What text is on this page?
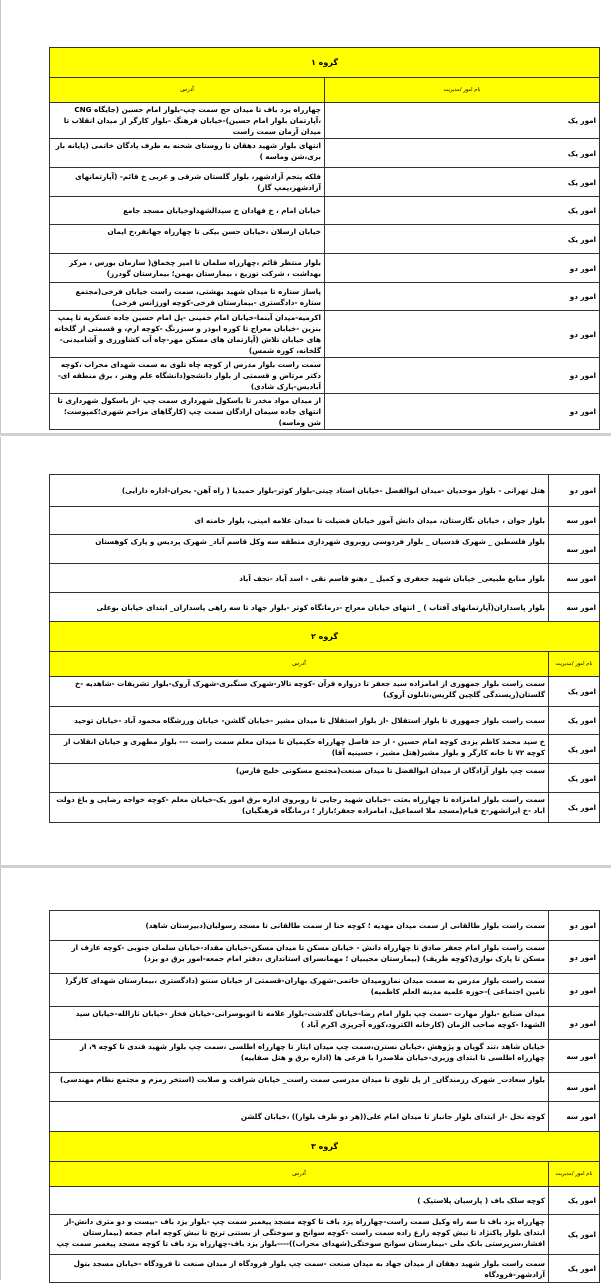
گروه ۱	
نام امور /مدیریت	آدرس
امور یک	چهارراه یزد باف تا میدان حج سمت چپ-بلوار امام حسین (جایگاه CNG ،آپارتمان بلوار امام حسین)-خیابان فرهنگ -بلوار کارگر از میدان انقلاب تا میدان آرمان سمت راست
امور یک	انتهای بلوار شهید دهقان تا روستای شحنه به طرف پادگان خاتمی (پایانه بار بری،شن وماسه )
امور یک	فلکه پنجم آزادشهر، بلوار گلستان شرقی و غربی خ قائم- (آپارتمانهای آزادشهر،پمپ گاز)
امور یک	خیابان امام ، خ فهادان خ سیدالشهداوخیابان مسجد جامع
امور یک	خیابان ارسلان ،خیابان حسن بیکی تا چهارراه جهانفر،خ ایمان
امور دو	بلوار منتظر قائم ،چهارراه سلمان تا امیر چخماق( سازمان بورس ، مرکز بهداشت ، شرکت توزیع ، بیمارستان بهمن؛ بیمارستان گودرز)
امور دو	پاساژ ستاره تا میدان شهید بهشتی، سمت راست خیابان فرخی(مجتمع ستاره -دادگستری -بیمارستان فرخی-کوچه اورژانس فرخی)
امور دو	اکرمیه-میدان آبنما-خیابان امام خمینی -پل امام حسین جاده عسکریه تا پمپ بنزین -خیابان معراج تا کوره ابوذر و سبزرنگ -کوچه ارم، و قسمتی از گلخانه های خیابان تلاش (آپارتمان های مسکن مهر-چاه آب کشاورزی و آشامیدنی-گلخانه، کوره شمس)
امور دو	سمت راست بلوار مدرس از کوچه چاه تلوی به سمت شهدای محراب ،کوچه دکتر مرتاض و قسمتی از بلوار دانشجو(دانشگاه علم وهنر ، برق منطقه ای-آبادیس-پارک شادی)
امور دو	از میدان مواد مخدر تا باسکول شهرداری سمت چپ -از باسکول شهرداری تا انتهای جاده سیمان ازادگان سمت چپ (کارگاهای مزاحم شهری؛کمپوست؛شن وماسه)
امور دو	هتل تهرانی - بلوار موحدیان -میدان ابوالفضل -خیابان استاد چیتی-بلوار کوثر-بلوار حمیدیا ( راه آهن- بحران-اداره دارایی)
امور سه	بلوار جوان ، خیابان نگارستان، میدان دانش آموز خیابان فضیلت تا میدان علامه امینی، بلوار خامنه ای
امور سه	بلوار فلسطین _ شهرک قدسیان _ بلوار فردوسی روبروی شهرداری منطقه سه وکل قاسم آباد_ شهرک پردیس و پارک کوهستان
امور سه	بلوار منابع طبیعی_ خیابان شهید جعفری و کمیل _ دهنو قاسم نقی - اسد آباد -نجف آباد
امور سه	بلوار پاسداران(آپارتمانهای آفتاب ) _ انتهای خیابان معراج -درمانگاه کوثر -بلوار جهاد تا سه راهی پاسداران_ ابتدای خیابان بوعلی
گروه ۲	
نام امور /مدیریت	آدرس
امور یک	سمت راست بلوار جمهوری از امامزاده سید جعفر تا دروازه قرآن -کوچه تالار-شهرک سنگبری-شهرک آروک-بلوار تشریفات -شاهدیه -خ گلستان(ریسندگی گلچین گلریس،تابلون آروک)
امور یک	سمت راست بلوار جمهوری تا بلوار استقلال -از بلوار استقلال تا میدان مشیر -خیابان گلشن- خیابان ورزشگاه محمود آباد -خیابان توحید
امور یک	خ سید محمد کاظم یزدی کوچه امام حسین - از حد فاصل چهارراه حکیمیان تا میدان معلم سمت راست --- بلوار مطهری و خیابان انقلاب از کوچه ۷۲ تا خانه کارگر و بلوار مشیر(هتل مشیر ، حسینیه آقا)
امور یک	سمت چپ بلوار آزادگان از میدان ابوالفضل تا میدان صنعت(مجتمع مسکونی خلیج فارس)
امور یک	سمت راست بلوار امامزاده تا چهارراه بعثت -خیابان شهید رجایی تا روبروی اداره برق امور یک-خیابان معلم -کوچه خواجه رضایی و باغ دولت اباد -خ ایرانشهر-خ قیام(مسجد ملا اسماعیل، امامزاده جعفر؛بازار ؛ درمانگاه فرهنگیان)
امور دو	سمت راست بلوار طالقانی از سمت میدان مهدیه ؛ کوچه حنا از سمت طالقانی تا مسجد رسولیان(دبیرستان شاهد)
امور دو	سمت راست بلوار امام جعفر صادق تا چهارراه دانش - خیابان مسکن تا میدان مسکن-خیابان مقداد-خیابان سلمان جنوبی -کوچه عارف از مسکن تا پارک نواری(کوچه ظریف) (بیمارستان مجیبیان ؛ مهمانسرای استانداری ،دفتر امام جمعه-امور برق دو یزد)
امور دو	سمت راست بلوار مدرس به سمت میدان نمازومیدان خاتمی-شهرک بهاران-قسمتی از خیابان سنتو (دادگستری ،بیمارستان شهدای کارگر( تامین اجتماعی )-حوزه علمیه مدینه العلم کاظمیه)
امور دو	میدان صنایع -بلوار مهارت -سمت چپ بلوار امام رضا-خیابان گلدشت-بلوار علامه تا اتوبوسرانی-خیابان فخار -خیابان ثارالله-خیابان سید الشهدا -کوچه صاحب الزمان (کارخانه الکترود،کوره آجرپزی اکرم آباد )
امور سه	خیابان شاهد ،تند گویان و پژوهش ،خیابان نسترن،سمت چپ میدان ایثار تا چهارراه اطلسی ،سمت چپ بلوار شهید قندی تا کوچه ۹، از چهارراه اطلسی تا ابتدای وزیری-خیابان ملاصدرا با فرعی ها (اداره برق و هتل صفاییه)
امور سه	بلوار سعادت_ شهرک رزمندگان_ از پل تلوی تا میدان مدرسی سمت راست_ خیابان شرافت و صلابت (استخر زمزم و مجتمع نظام مهندسی)
امور سه	کوچه نخل -از ابتدای بلوار جانباز تا میدان امام علی((هر دو طرف بلوار)) ،خیابان گلشن
گروه ۳	
نام امور /مدیریت	آدرس
امور یک	کوچه سلک باف ( پارسیان پلاستیک )
امور یک	چهارراه یزد باف تا سه راه وکیل سمت راست-چهارراه یزد باف تا کوچه مسجد پیغمبر سمت چپ -بلوار یزد باف -بیست و دو متری دانش-از ابتدای بلوار پاکنژاد تا نبش کوچه زارع زاده سمت راست -کوچه سوانح و سوختگی از بستنی ترنج تا نبش کوچه امام جمعه (بیمارستان افشار،سرپرستی بانک ملی -بیمارستان سوانح سوختگی(شهدای محراب))----بلوار یزد باف-چهارراه یزد باف تا کوچه مسجد پیغمبر سمت چپ
امور یک	سمت راست بلوار شهید دهقان از میدان جهاد به میدان صنعت -سمت چپ بلوار فرودگاه از میدان صنعت تا فرودگاه -خیابان مسجد بتول آزادشهر-فرودگاه
